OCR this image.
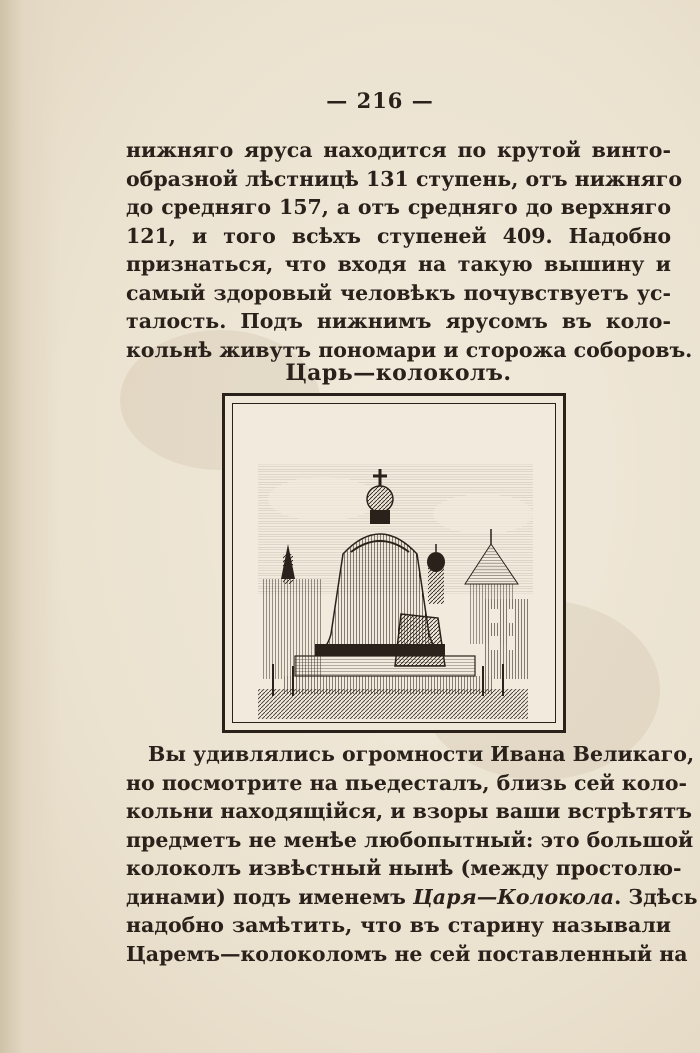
— 216 —
нижняго яруса находится по крутой винто-
образной лѣстницѣ 131 ступень, отъ нижняго
до средняго 157, а отъ средняго до верхняго
121, и того всѣхъ ступеней 409. Надобно
признаться, что входя на такую вышину и
самый здоровый человѣкъ почувствуетъ ус-
талость. Подъ нижнимъ ярусомъ въ коло-
кольнѣ живутъ пономари и сторожа соборовъ.
Царь—колоколъ.
Вы удивлялись огромности Ивана Великаго,
но посмотрите на пьедесталъ, близь сей коло-
кольни находящійся, и взоры ваши встрѣтятъ
предметъ не менѣе любопытный: это большой
колоколъ извѣстный нынѣ (между простолю-
динами) подъ именемъ Царя—Колокола. Здѣсь
надобно замѣтить, что въ старину называли
Царемъ—колоколомъ не сей поставленный на
